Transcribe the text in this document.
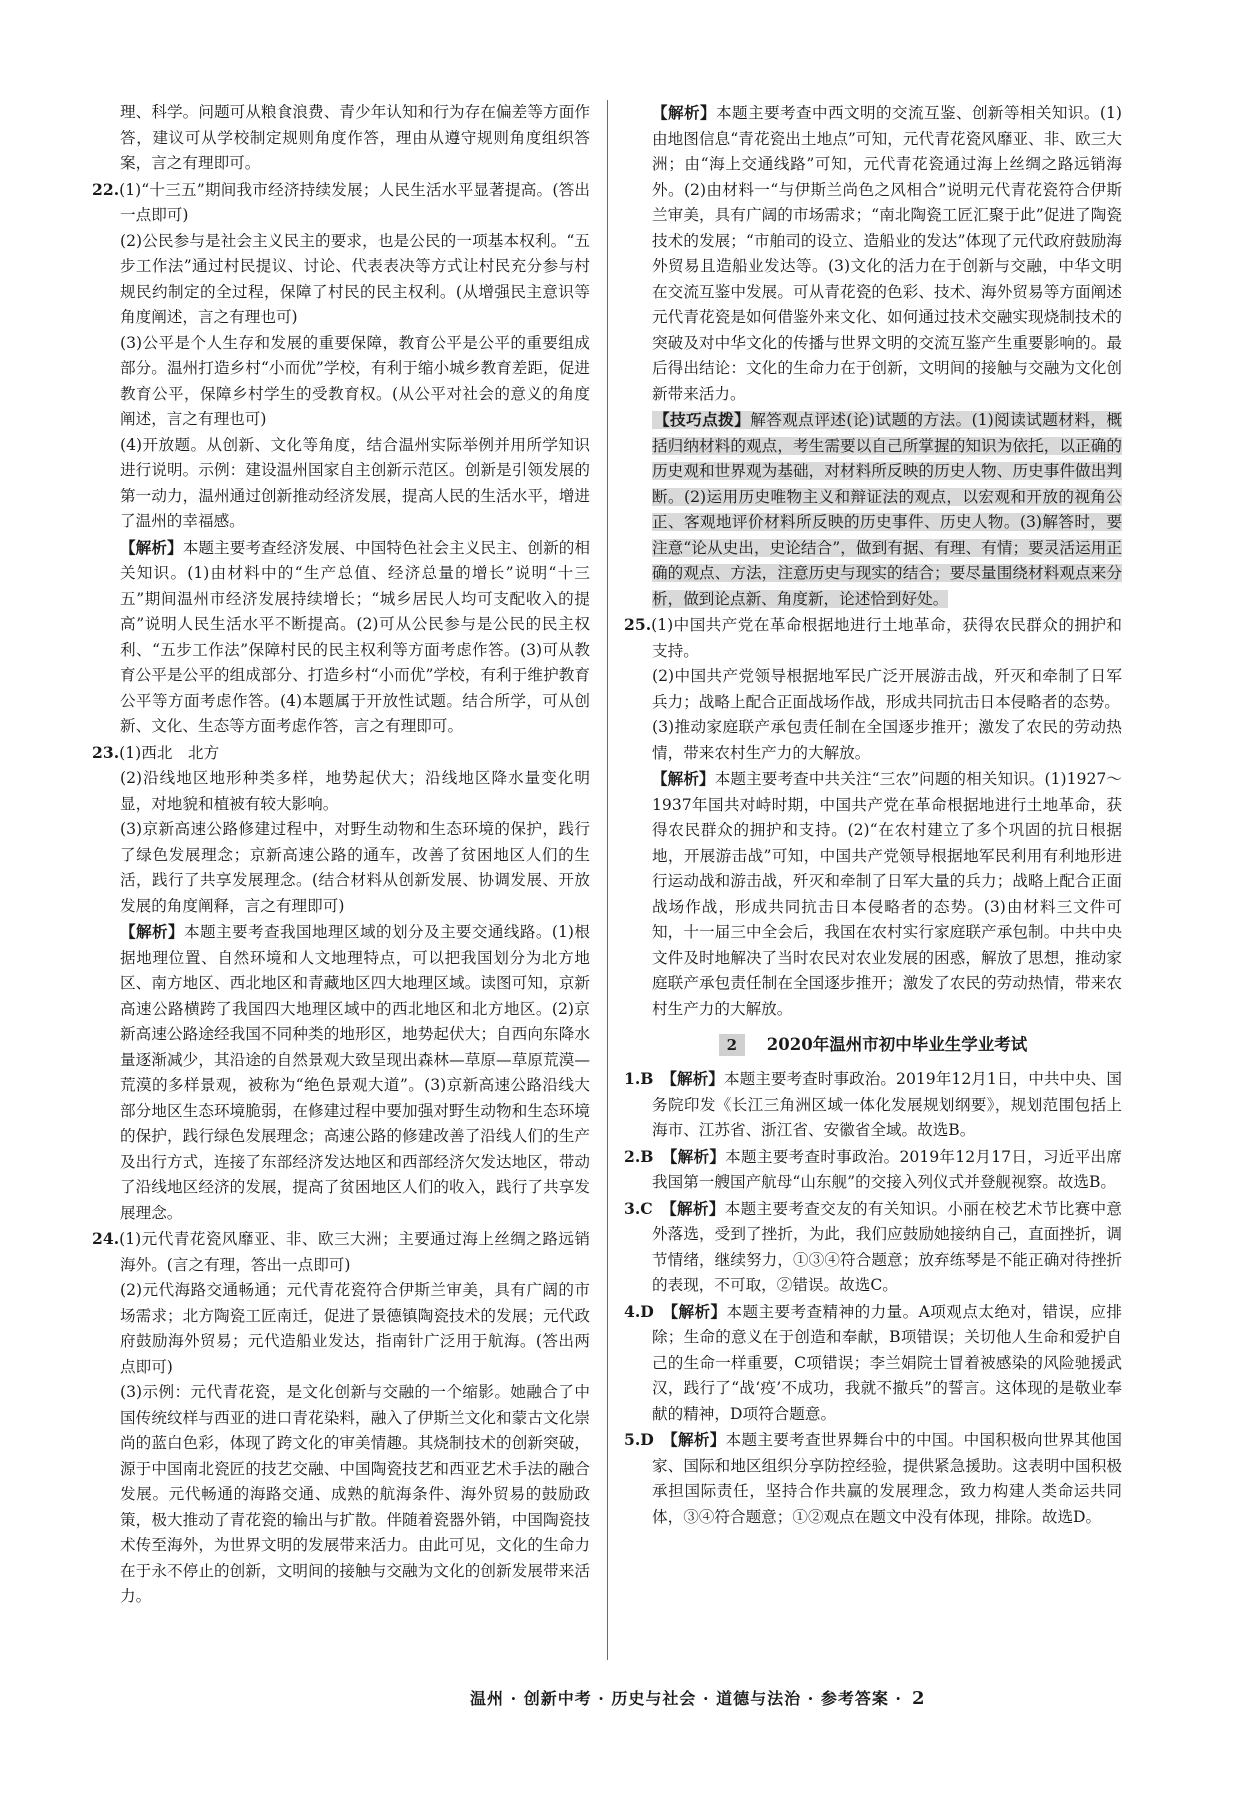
理、科学。问题可从粮食浪费、青少年认知和行为存在偏差等方面作答，建议可从学校制定规则角度作答，理由从遵守规则角度组织答案，言之有理即可。

22.(1)“十三五”期间我市经济持续发展；人民生活水平显著提高。(答出一点即可)

(2)公民参与是社会主义民主的要求，也是公民的一项基本权利。“五步工作法”通过村民提议、讨论、代表表决等方式让村民充分参与村规民约制定的全过程，保障了村民的民主权利。(从增强民主意识等角度阐述，言之有理也可)

(3)公平是个人生存和发展的重要保障，教育公平是公平的重要组成部分。温州打造乡村“小而优”学校，有利于缩小城乡教育差距，促进教育公平，保障乡村学生的受教育权。(从公平对社会的意义的角度阐述，言之有理也可)

(4)开放题。从创新、文化等角度，结合温州实际举例并用所学知识进行说明。示例：建设温州国家自主创新示范区。创新是引领发展的第一动力，温州通过创新推动经济发展，提高人民的生活水平，增进了温州的幸福感。

【解析】本题主要考查经济发展、中国特色社会主义民主、创新的相关知识。(1)由材料中的“生产总值、经济总量的增长”说明“十三五”期间温州市经济发展持续增长；“城乡居民人均可支配收入的提高”说明人民生活水平不断提高。(2)可从公民参与是公民的民主权利、“五步工作法”保障村民的民主权利等方面考虑作答。(3)可从教育公平是公平的组成部分、打造乡村“小而优”学校，有利于维护教育公平等方面考虑作答。(4)本题属于开放性试题。结合所学，可从创新、文化、生态等方面考虑作答，言之有理即可。

23.(1)西北　北方

(2)沿线地区地形种类多样，地势起伏大；沿线地区降水量变化明显，对地貌和植被有较大影响。

(3)京新高速公路修建过程中，对野生动物和生态环境的保护，践行了绿色发展理念；京新高速公路的通车，改善了贫困地区人们的生活，践行了共享发展理念。(结合材料从创新发展、协调发展、开放发展的角度阐释，言之有理即可)

【解析】本题主要考查我国地理区域的划分及主要交通线路。(1)根据地理位置、自然环境和人文地理特点，可以把我国划分为北方地区、南方地区、西北地区和青藏地区四大地理区域。读图可知，京新高速公路横跨了我国四大地理区域中的西北地区和北方地区。(2)京新高速公路途经我国不同种类的地形区，地势起伏大；自西向东降水量逐渐减少，其沿途的自然景观大致呈现出森林—草原—草原荒漠—荒漠的多样景观，被称为“绝色景观大道”。(3)京新高速公路沿线大部分地区生态环境脆弱，在修建过程中要加强对野生动物和生态环境的保护，践行绿色发展理念；高速公路的修建改善了沿线人们的生产及出行方式，连接了东部经济发达地区和西部经济欠发达地区，带动了沿线地区经济的发展，提高了贫困地区人们的收入，践行了共享发展理念。

24.(1)元代青花瓷风靡亚、非、欧三大洲；主要通过海上丝绸之路远销海外。(言之有理，答出一点即可)

(2)元代海路交通畅通；元代青花瓷符合伊斯兰审美，具有广阔的市场需求；北方陶瓷工匠南迁，促进了景德镇陶瓷技术的发展；元代政府鼓励海外贸易；元代造船业发达，指南针广泛用于航海。(答出两点即可)

(3)示例：元代青花瓷，是文化创新与交融的一个缩影。她融合了中国传统纹样与西亚的进口青花染料，融入了伊斯兰文化和蒙古文化崇尚的蓝白色彩，体现了跨文化的审美情趣。其烧制技术的创新突破，源于中国南北瓷匠的技艺交融、中国陶瓷技艺和西亚艺术手法的融合发展。元代畅通的海路交通、成熟的航海条件、海外贸易的鼓励政策，极大推动了青花瓷的输出与扩散。伴随着瓷器外销，中国陶瓷技术传至海外，为世界文明的发展带来活力。由此可见，文化的生命力在于永不停止的创新，文明间的接触与交融为文化的创新发展带来活力。

【解析】本题主要考查中西文明的交流互鉴、创新等相关知识。(1)由地图信息“青花瓷出土地点”可知，元代青花瓷风靡亚、非、欧三大洲；由“海上交通线路”可知，元代青花瓷通过海上丝绸之路远销海外。(2)由材料一“与伊斯兰尚色之风相合”说明元代青花瓷符合伊斯兰审美，具有广阔的市场需求；“南北陶瓷工匠汇聚于此”促进了陶瓷技术的发展；“市舶司的设立、造船业的发达”体现了元代政府鼓励海外贸易且造船业发达等。(3)文化的活力在于创新与交融，中华文明在交流互鉴中发展。可从青花瓷的色彩、技术、海外贸易等方面阐述元代青花瓷是如何借鉴外来文化、如何通过技术交融实现烧制技术的突破及对中华文化的传播与世界文明的交流互鉴产生重要影响的。最后得出结论：文化的生命力在于创新，文明间的接触与交融为文化创新带来活力。

【技巧点拨】解答观点评述(论)试题的方法。(1)阅读试题材料，概括归纳材料的观点，考生需要以自己所掌握的知识为依托，以正确的历史观和世界观为基础，对材料所反映的历史人物、历史事件做出判断。(2)运用历史唯物主义和辩证法的观点，以宏观和开放的视角公正、客观地评价材料所反映的历史事件、历史人物。(3)解答时，要注意“论从史出，史论结合”，做到有据、有理、有情；要灵活运用正确的观点、方法，注意历史与现实的结合；要尽量围绕材料观点来分析，做到论点新、角度新，论述恰到好处。

25.(1)中国共产党在革命根据地进行土地革命，获得农民群众的拥护和支持。

(2)中国共产党领导根据地军民广泛开展游击战，歼灭和牵制了日军兵力；战略上配合正面战场作战，形成共同抗击日本侵略者的态势。

(3)推动家庭联产承包责任制在全国逐步推开；激发了农民的劳动热情，带来农村生产力的大解放。

【解析】本题主要考查中共关注“三农”问题的相关知识。(1)1927～1937年国共对峙时期，中国共产党在革命根据地进行土地革命，获得农民群众的拥护和支持。(2)“在农村建立了多个巩固的抗日根据地，开展游击战”可知，中国共产党领导根据地军民利用有利地形进行运动战和游击战，歼灭和牵制了日军大量的兵力；战略上配合正面战场作战，形成共同抗击日本侵略者的态势。(3)由材料三文件可知，十一届三中全会后，我国在农村实行家庭联产承包制。中共中央文件及时地解决了当时农民对农业发展的困惑，解放了思想，推动家庭联产承包责任制在全国逐步推开；激发了农民的劳动热情，带来农村生产力的大解放。

2 2020年温州市初中毕业生学业考试

1.B　 【解析】本题主要考查时事政治。2019年12月1日，中共中央、国务院印发《长江三角洲区域一体化发展规划纲要》，规划范围包括上海市、江苏省、浙江省、安徽省全域。故选B。

2.B　 【解析】本题主要考查时事政治。2019年12月17日，习近平出席我国第一艘国产航母“山东舰”的交接入列仪式并登舰视察。故选B。

3.C　 【解析】本题主要考查交友的有关知识。小丽在校艺术节比赛中意外落选，受到了挫折，为此，我们应鼓励她接纳自己，直面挫折，调节情绪，继续努力，①③④符合题意；放弃练琴是不能正确对待挫折的表现，不可取，②错误。故选C。

4.D　 【解析】本题主要考查精神的力量。A项观点太绝对，错误，应排除；生命的意义在于创造和奉献，B项错误；关切他人生命和爱护自己的生命一样重要，C项错误；李兰娟院士冒着被感染的风险驰援武汉，践行了“战‘疫’不成功，我就不撤兵”的誓言。这体现的是敬业奉献的精神，D项符合题意。

5.D　 【解析】本题主要考查世界舞台中的中国。中国积极向世界其他国家、国际和地区组织分享防控经验，提供紧急援助。这表明中国积极承担国际责任，坚持合作共赢的发展理念，致力构建人类命运共同体，③④符合题意；①②观点在题文中没有体现，排除。故选D。

温州 · 创新中考 · 历史与社会 · 道德与法治 · 参考答案 · 2
